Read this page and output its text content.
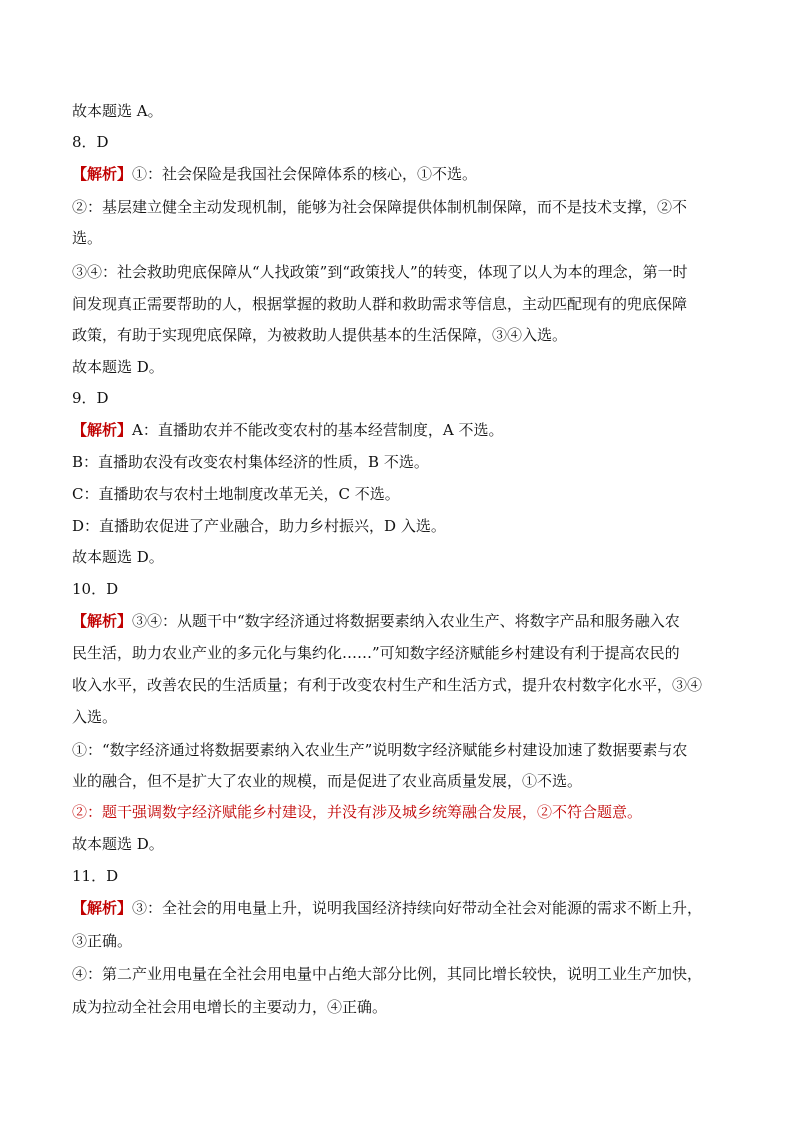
故本题选 A。
8．D
【解析】①：社会保险是我国社会保障体系的核心，①不选。
②：基层建立健全主动发现机制，能够为社会保障提供体制机制保障，而不是技术支撑，②不
选。
③④：社会救助兜底保障从“人找政策”到“政策找人”的转变，体现了以人为本的理念，第一时
间发现真正需要帮助的人，根据掌握的救助人群和救助需求等信息，主动匹配现有的兜底保障
政策，有助于实现兜底保障，为被救助人提供基本的生活保障，③④入选。
故本题选 D。
9．D
【解析】A：直播助农并不能改变农村的基本经营制度，A 不选。
B：直播助农没有改变农村集体经济的性质，B 不选。
C：直播助农与农村土地制度改革无关，C 不选。
D：直播助农促进了产业融合，助力乡村振兴，D 入选。
故本题选 D。
10．D
【解析】③④：从题干中“数字经济通过将数据要素纳入农业生产、将数字产品和服务融入农
民生活，助力农业产业的多元化与集约化……”可知数字经济赋能乡村建设有利于提高农民的
收入水平，改善农民的生活质量；有利于改变农村生产和生活方式，提升农村数字化水平，③④
入选。
①：“数字经济通过将数据要素纳入农业生产”说明数字经济赋能乡村建设加速了数据要素与农
业的融合，但不是扩大了农业的规模，而是促进了农业高质量发展，①不选。
②：题干强调数字经济赋能乡村建设，并没有涉及城乡统筹融合发展，②不符合题意。
故本题选 D。
11．D
【解析】③：全社会的用电量上升，说明我国经济持续向好带动全社会对能源的需求不断上升，
③正确。
④：第二产业用电量在全社会用电量中占绝大部分比例，其同比增长较快，说明工业生产加快，
成为拉动全社会用电增长的主要动力，④正确。
